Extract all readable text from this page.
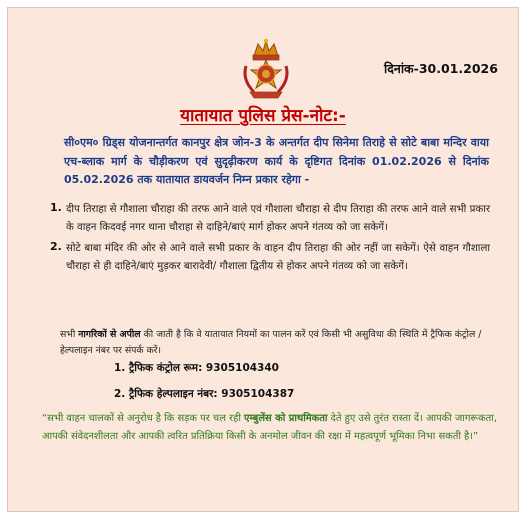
दिनांक-30.01.2026
यातायात पुलिस प्रेस-नोट:-
सी०एम० ग्रिड्स योजनान्तर्गत कानपुर क्षेत्र जोन-3 के अन्तर्गत दीप सिनेमा तिराहे से सोटे बाबा मन्दिर वाया एच-ब्लाक मार्ग के चौड़ीकरण एवं सुदृढ़ीकरण कार्य के दृष्टिगत दिनांक 01.02.2026 से दिनांक 05.02.2026 तक यातायात डायवर्जन निम्न प्रकार रहेगा -
1. दीप तिराहा से गौशाला चौराहा की तरफ आने वाले एवं गौशाला चौराहा से दीप तिराहा की तरफ आने वाले सभी प्रकार के वाहन किदवई नगर थाना चौराहा से दाहिने/बाएं मार्ग होकर अपने गंतव्य को जा सकेगें।
2. सोटे बाबा मंदिर की ओर से आने वाले सभी प्रकार के वाहन दीप तिराहा की ओर नहीं जा सकेगें। ऐसे वाहन गौशाला चौराहा से ही दाहिने/बाएं मुड़कर बारादेवी/ गौशाला द्वितीय से होकर अपने गंतव्य को जा सकेगें।
सभी नागरिकों से अपील की जाती है कि वे यातायात नियमों का पालन करें एवं किसी भी असुविधा की स्थिति में ट्रैफिक कंट्रोल / हेल्पलाइन नंबर पर संपर्क करें।
1. ट्रैफिक कंट्रोल रूम: 9305104340
2. ट्रैफिक हेल्पलाइन नंबर: 9305104387
“सभी वाहन चालकों से अनुरोध है कि सड़क पर चल रही एम्बुलेंस को प्राथमिकता देते हुए उसे तुरंत रास्ता दें। आपकी जागरूकता, आपकी संवेदनशीलता और आपकी त्वरित प्रतिक्रिया किसी के अनमोल जीवन की रक्षा में महत्वपूर्ण भूमिका निभा सकती है।”
